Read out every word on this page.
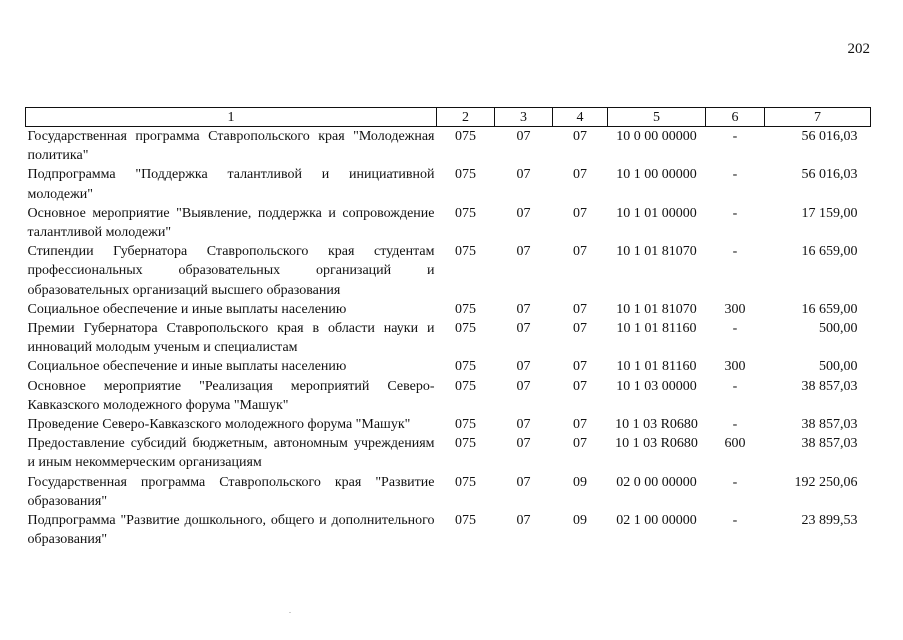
202
1	2	3	4	5	6	7
Государственная программа Ставропольского края "Молодежная политика"	075	07	07	10 0 00 00000	-	56 016,03
Подпрограмма "Поддержка талантливой и инициативной молодежи"	075	07	07	10 1 00 00000	-	56 016,03
Основное мероприятие "Выявление, поддержка и сопровождение талантливой молодежи"	075	07	07	10 1 01 00000	-	17 159,00
Стипендии Губернатора Ставропольского края студентам профессиональных образовательных организаций и образовательных организаций высшего образования	075	07	07	10 1 01 81070	-	16 659,00
Социальное обеспечение и иные выплаты населению	075	07	07	10 1 01 81070	300	16 659,00
Премии Губернатора Ставропольского края в области науки и инноваций молодым ученым и специалистам	075	07	07	10 1 01 81160	-	500,00
Социальное обеспечение и иные выплаты населению	075	07	07	10 1 01 81160	300	500,00
Основное мероприятие "Реализация мероприятий Северо-Кавказского молодежного форума "Машук"	075	07	07	10 1 03 00000	-	38 857,03
Проведение Северо-Кавказского молодежного форума "Машук"	075	07	07	10 1 03 R0680	-	38 857,03
Предоставление субсидий бюджетным, автономным учреждениям и иным некоммерческим организациям	075	07	07	10 1 03 R0680	600	38 857,03
Государственная программа Ставропольского края "Развитие образования"	075	07	09	02 0 00 00000	-	192 250,06
Подпрограмма "Развитие дошкольного, общего и дополнительного образования"	075	07	09	02 1 00 00000	-	23 899,53
